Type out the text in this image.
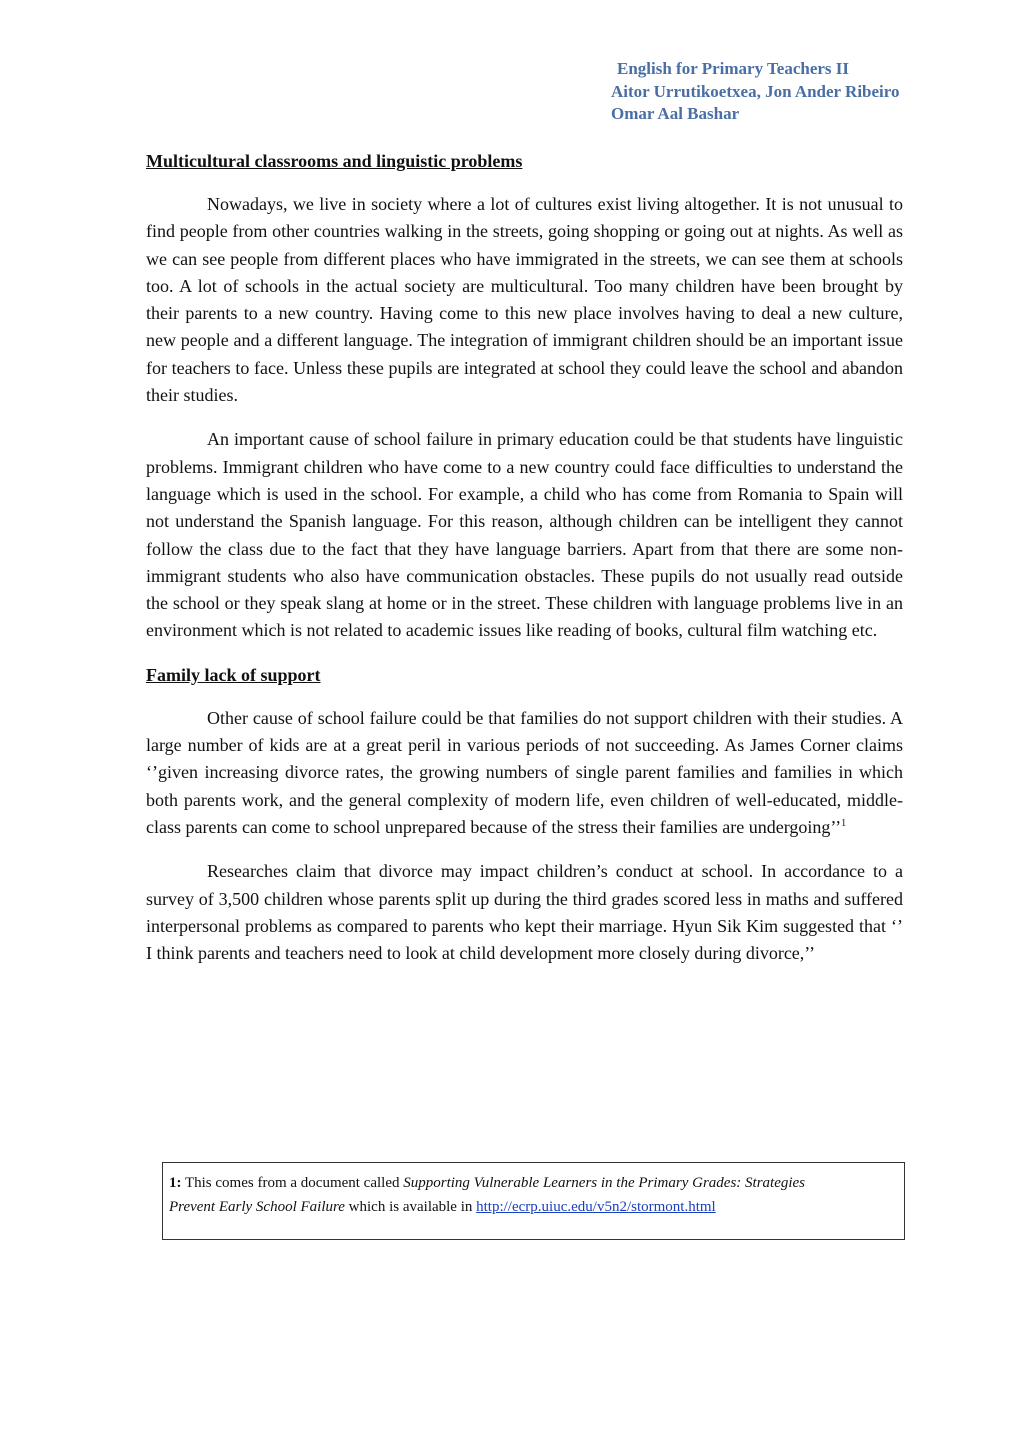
English for Primary Teachers II
Aitor Urrutikoetxea, Jon Ander Ribeiro
Omar Aal Bashar
Multicultural classrooms and linguistic problems

Nowadays, we live in society where a lot of cultures exist living altogether. It is not unusual to find people from other countries walking in the streets, going shopping or going out at nights. As well as we can see people from different places who have immigrated in the streets, we can see them at schools too. A lot of schools in the actual society are multicultural. Too many children have been brought by their parents to a new country. Having come to this new place involves having to deal a new culture, new people and a different language. The integration of immigrant children should be an important issue for teachers to face. Unless these pupils are integrated at school they could leave the school and abandon their studies.

An important cause of school failure in primary education could be that students have linguistic problems. Immigrant children who have come to a new country could face difficulties to understand the language which is used in the school. For example, a child who has come from Romania to Spain will not understand the Spanish language. For this reason, although children can be intelligent they cannot follow the class due to the fact that they have language barriers. Apart from that there are some non-immigrant students who also have communication obstacles. These pupils do not usually read outside the school or they speak slang at home or in the street. These children with language problems live in an environment which is not related to academic issues like reading of books, cultural film watching etc.

Family lack of support

Other cause of school failure could be that families do not support children with their studies. A large number of kids are at a great peril in various periods of not succeeding. As James Corner claims ‘’given increasing divorce rates, the growing numbers of single parent families and families in which both parents work, and the general complexity of modern life, even children of well-educated, middle-class parents can come to school unprepared because of the stress their families are undergoing’’$^1$

Researches claim that divorce may impact children’s conduct at school. In accordance to a survey of 3,500 children whose parents split up during the third grades scored less in maths and suffered interpersonal problems as compared to parents who kept their marriage. Hyun Sik Kim suggested that ‘’ I think parents and teachers need to look at child development more closely during divorce,’’

1: This comes from a document called Supporting Vulnerable Learners in the Primary Grades: Strategies
Prevent Early School Failure which is available in http://ecrp.uiuc.edu/v5n2/stormont.html
